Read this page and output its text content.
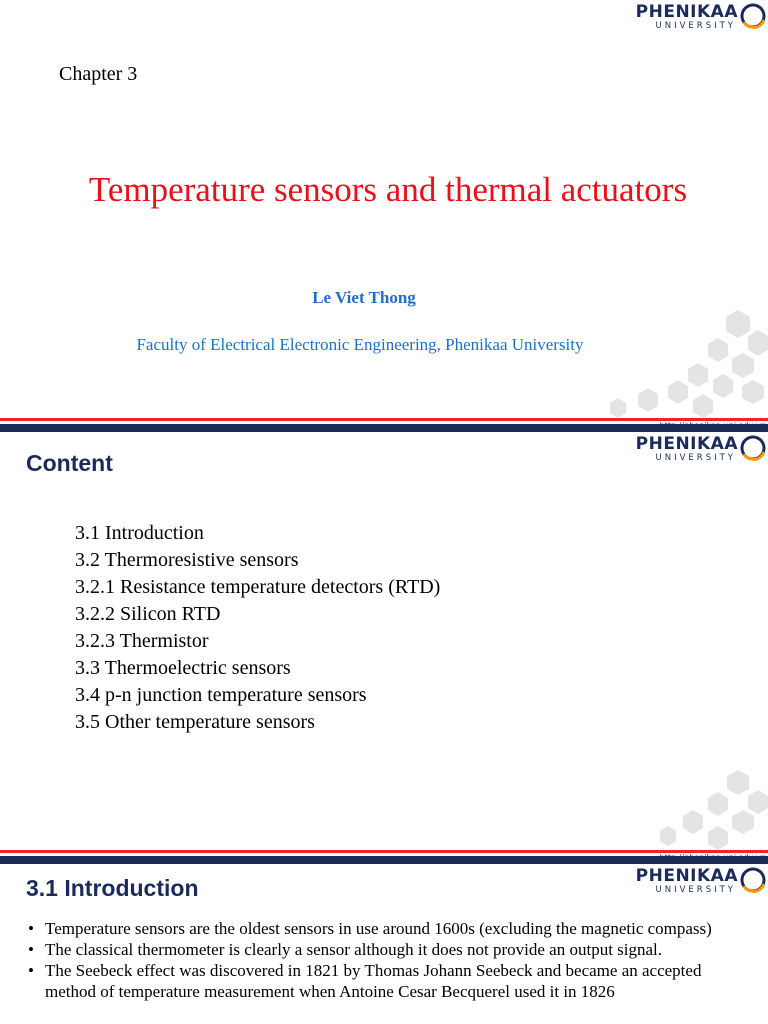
PHENIKAA
UNIVERSITY
Chapter 3
Temperature sensors and thermal actuators
Le Viet Thong
Faculty of Electrical Electronic Engineering, Phenikaa University
http://phenikaa-uni.edu.vn
PHENIKAA
UNIVERSITY
Content
3.1 Introduction
3.2 Thermoresistive sensors
3.2.1 Resistance temperature detectors (RTD)
3.2.2 Silicon RTD
3.2.3 Thermistor
3.3 Thermoelectric sensors
3.4 p-n junction temperature sensors
3.5 Other temperature sensors
http://phenikaa-uni.edu.vn
PHENIKAA
UNIVERSITY
3.1 Introduction
• Temperature sensors are the oldest sensors in use around 1600s (excluding the magnetic compass)
• The classical thermometer is clearly a sensor although it does not provide an output signal.
• The Seebeck effect was discovered in 1821 by Thomas Johann Seebeck and became an accepted method of temperature measurement when Antoine Cesar Becquerel used it in 1826
